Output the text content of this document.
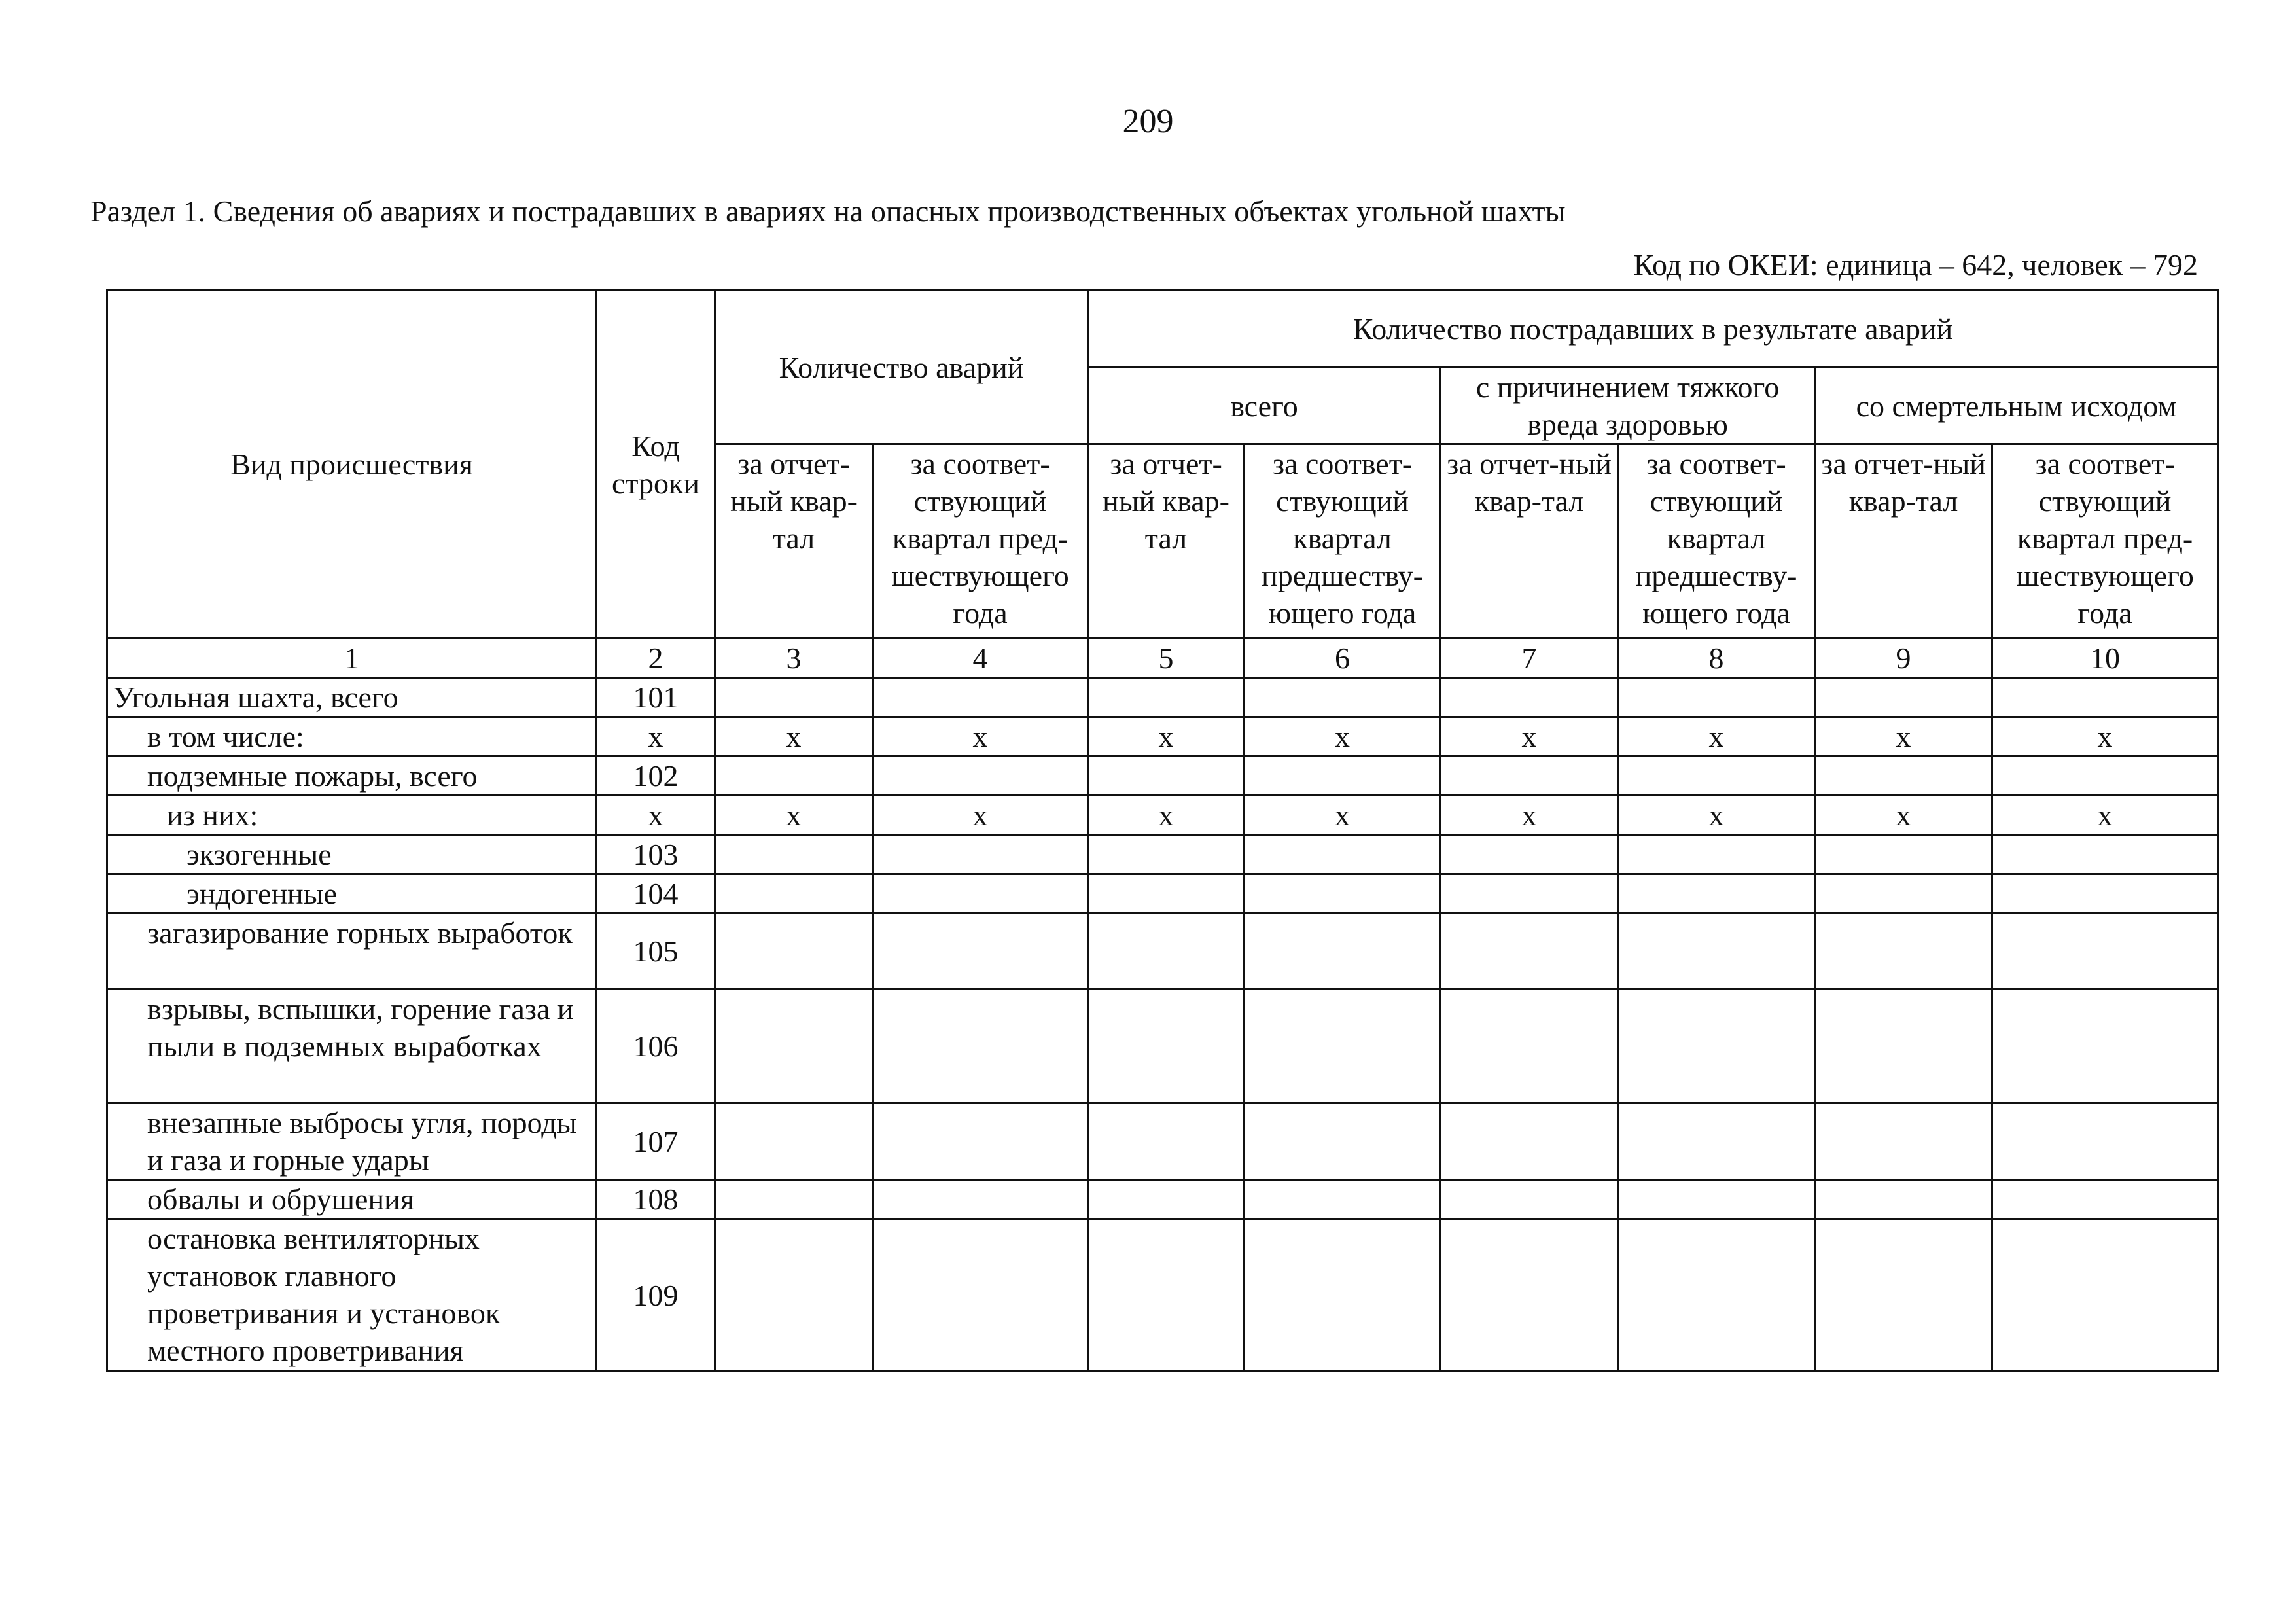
209
Раздел 1. Сведения об авариях и пострадавших в авариях на опасных производственных объектах угольной шахты
Код по ОКЕИ: единица – 642, человек – 792
Вид происшествия	Код строки	Количество аварий		Количество пострадавших в результате аварий					
				всего		с причинением тяжкого вреда здоровью		со смертельным исходом	
		за отчет-ный квар-тал	за соответ-ствующий квартал пред-шествующего года	за отчет-ный квар-тал	за соответ-ствующий квартал предшеству-ющего года	за отчет-ный квар-тал	за соответ-ствующий квартал предшеству-ющего года	за отчет-ный квар-тал	за соответ-ствующий квартал пред-шествующего года
1	2	3	4	5	6	7	8	9	10
Угольная шахта, всего	101								
в том числе:	х	х	х	х	х	х	х	х	х
подземные пожары, всего	102								
из них:	х	х	х	х	х	х	х	х	х
экзогенные	103								
эндогенные	104								
загазирование горных выработок	105								
взрывы, вспышки, горение газа и пыли в подземных выработках	106								
внезапные выбросы угля, породы и газа и горные удары	107								
обвалы и обрушения	108								
остановка вентиляторных установок главного проветривания и установок местного проветривания	109								
